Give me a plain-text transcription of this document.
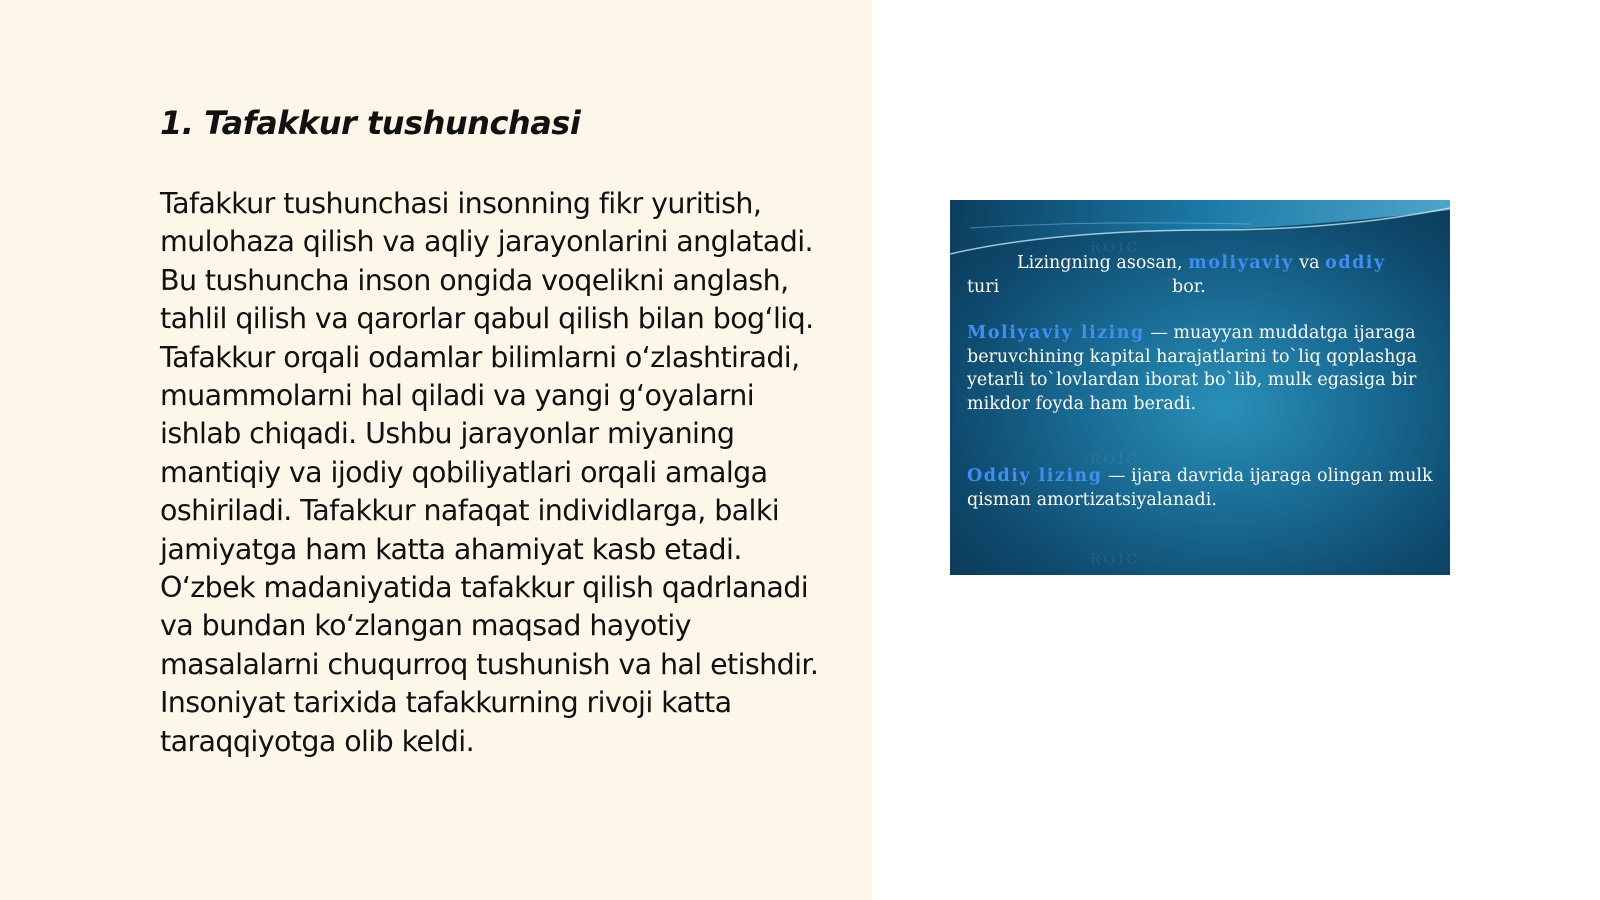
1. Tafakkur tushunchasi

Tafakkur tushunchasi insonning fikr yuritish, mulohaza qilish va aqliy jarayonlarini anglatadi. Bu tushuncha inson ongida voqelikni anglash, tahlil qilish va qarorlar qabul qilish bilan bog‘liq. Tafakkur orqali odamlar bilimlarni o‘zlashtiradi, muammolarni hal qiladi va yangi g‘oyalarni ishlab chiqadi. Ushbu jarayonlar miyaning mantiqiy va ijodiy qobiliyatlari orqali amalga oshiriladi. Tafakkur nafaqat individlarga, balki jamiyatga ham katta ahamiyat kasb etadi. O‘zbek madaniyatida tafakkur qilish qadrlanadi va bundan ko‘zlangan maqsad hayotiy masalalarni chuqurroq tushunish va hal etishdir. Insoniyat tarixida tafakkurning rivoji katta taraqqiyotga olib keldi.

ROIC
ROIC
ROIC
Lizingning asosan, moliyaviy va oddiy
turi	bor.
Moliyaviy lizing — muayyan muddatga ijaraga beruvchining kapital harajatlarini to`liq qoplashga yetarli to`lovlardan iborat bo`lib, mulk egasiga bir mikdor foyda ham beradi.
Oddiy lizing — ijara davrida ijaraga olingan mulk qisman amortizatsiyalanadi.
